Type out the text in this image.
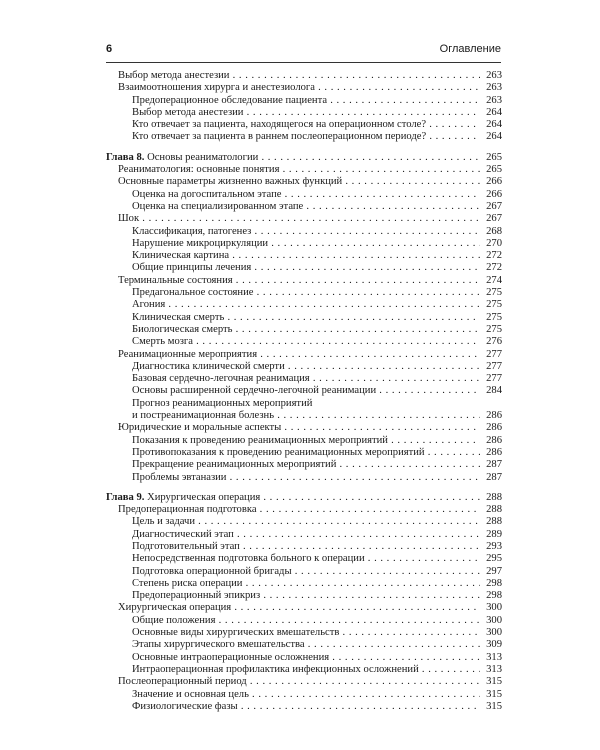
6	Оглавление
Выбор метода анестезии . . .	263
Взаимоотношения хирурга и анестезиолога . . .	263
Предоперационное обследование пациента . . .	263
Выбор метода анестезии . . .	264
Кто отвечает за пациента, находящегося на операционном столе? . . .	264
Кто отвечает за пациента в раннем послеоперационном периоде? . . .	264
Глава 8. Основы реаниматологии . . .	265
Реаниматология: основные понятия . . .	265
Основные параметры жизненно важных функций . . .	266
Оценка на догоспитальном этапе . . .	266
Оценка на специализированном этапе . . .	267
Шок . . .	267
Классификация, патогенез . . .	268
Нарушение микроциркуляции . . .	270
Клиническая картина . . .	272
Общие принципы лечения . . .	272
Терминальные состояния . . .	274
Предагональное состояние . . .	275
Агония . . .	275
Клиническая смерть . . .	275
Биологическая смерть . . .	275
Смерть мозга . . .	276
Реанимационные мероприятия . . .	277
Диагностика клинической смерти . . .	277
Базовая сердечно-легочная реанимация . . .	277
Основы расширенной сердечно-легочной реанимации . . .	284
Прогноз реанимационных мероприятий
и постреанимационная болезнь . . .	286
Юридические и моральные аспекты . . .	286
Показания к проведению реанимационных мероприятий . . .	286
Противопоказания к проведению реанимационных мероприятий . . .	286
Прекращение реанимационных мероприятий . . .	287
Проблемы эвтаназии . . .	287
Глава 9. Хирургическая операция . . .	288
Предоперационная подготовка . . .	288
Цель и задачи . . .	288
Диагностический этап . . .	289
Подготовительный этап . . .	293
Непосредственная подготовка больного к операции . . .	295
Подготовка операционной бригады . . .	297
Степень риска операции . . .	298
Предоперационный эпикриз . . .	298
Хирургическая операция . . .	300
Общие положения . . .	300
Основные виды хирургических вмешательств . . .	300
Этапы хирургического вмешательства . . .	309
Основные интраоперационные осложнения . . .	313
Интраоперационная профилактика инфекционных осложнений . . .	313
Послеоперационный период . . .	315
Значение и основная цель . . .	315
Физиологические фазы . . .	315
